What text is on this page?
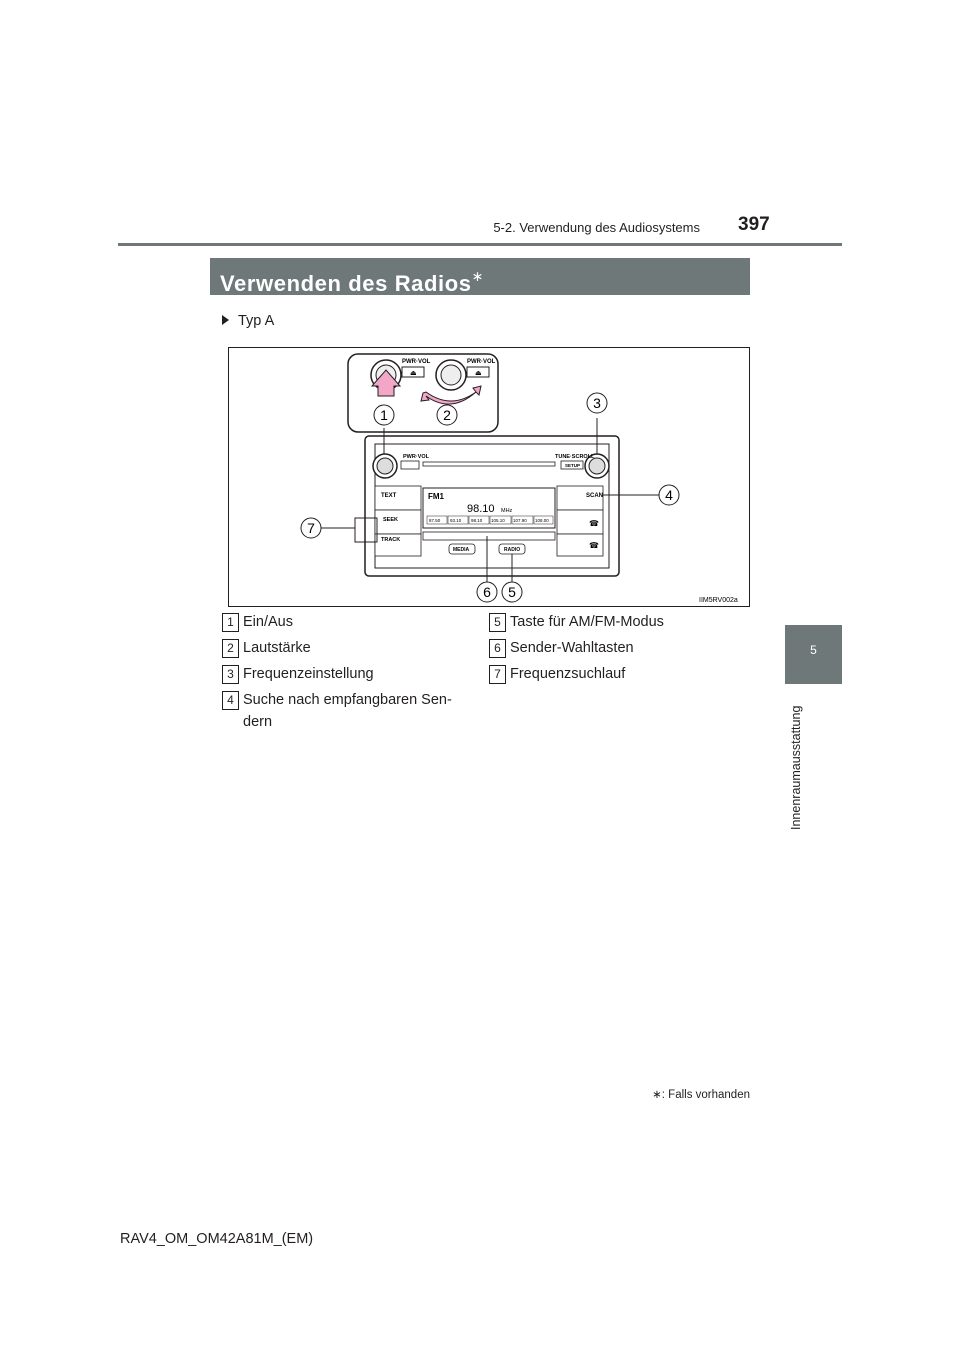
5-2. Verwendung des Audiosystems 397
5
Innenraumausstattung
Verwenden des Radios∗
Typ A
PWR·VOL
⏏
PWR·VOL
⏏
1	2
PWR·VOL	TUNE·SCROLL
SETUP
TEXT
SEEK
TRACK
FM1
98.10 MHz
87.50 93.10 98.10 105.10 107.90 108.00
MEDIA	RADIO
SCAN
☎
☎
3
4
6 5
7
IIM5RV002a
1 Ein/Aus
2 Lautstärke
3 Frequenzeinstellung
4 Suche nach empfangbaren Sen-
dern
5 Taste für AM/FM-Modus
6 Sender-Wahltasten
7 Frequenzsuchlauf
∗: Falls vorhanden
RAV4_OM_OM42A81M_(EM)
